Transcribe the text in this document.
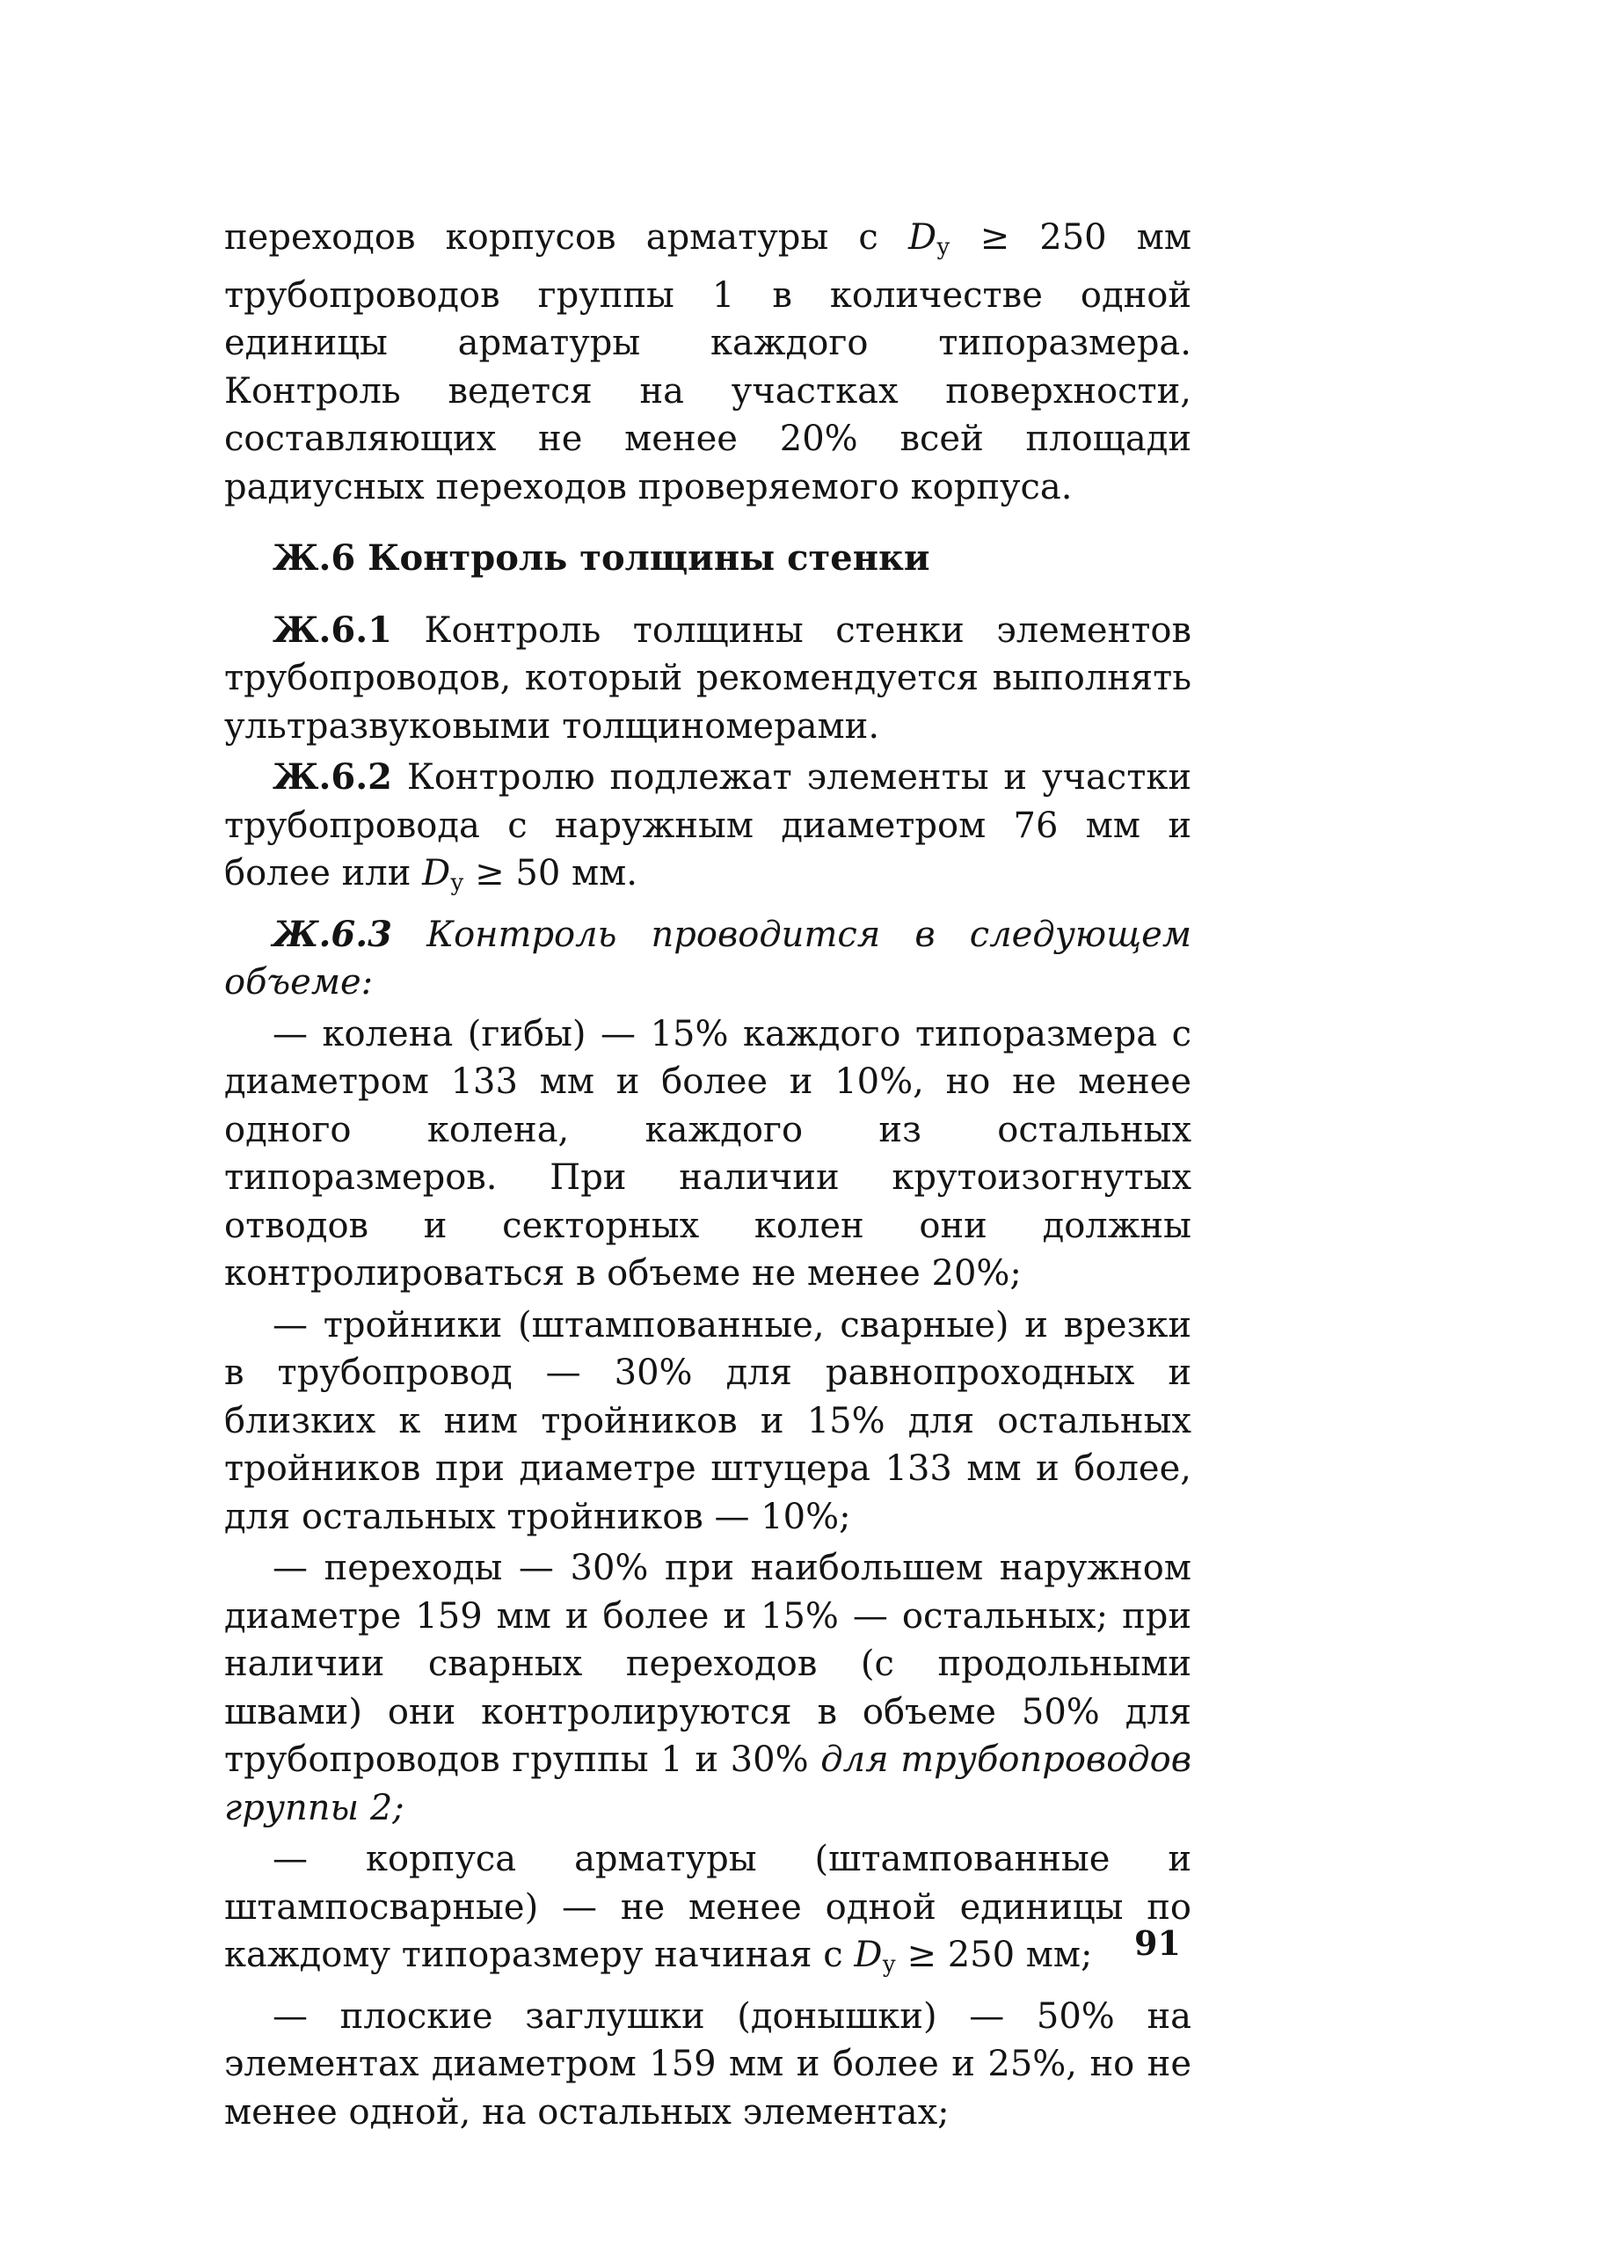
переходов корпусов арматуры с $D_у \ge 250$ мм трубопроводов группы 1 в количестве одной единицы арматуры каждого типоразмера. Контроль ведется на участках поверхности, составляющих не менее 20% всей площади радиусных переходов проверяемого корпуса.

Ж.6 Контроль толщины стенки

Ж.6.1 Контроль толщины стенки элементов трубопроводов, который рекомендуется выполнять ультразвуковыми толщиномерами.

Ж.6.2 Контролю подлежат элементы и участки трубопровода с наружным диаметром 76 мм и более или $D_у \ge 50$ мм.

Ж.6.3 Контроль проводится в следующем объеме:

— колена (гибы) — 15% каждого типоразмера с диаметром 133 мм и более и 10%, но не менее одного колена, каждого из остальных типоразмеров. При наличии крутоизогнутых отводов и секторных колен они должны контролироваться в объеме не менее 20%;

— тройники (штампованные, сварные) и врезки в трубопровод — 30% для равнопроходных и близких к ним тройников и 15% для остальных тройников при диаметре штуцера 133 мм и более, для остальных тройников — 10%;

— переходы — 30% при наибольшем наружном диаметре 159 мм и более и 15% — остальных; при наличии сварных переходов (с продольными швами) они контролируются в объеме 50% для трубопроводов группы 1 и 30% для трубопроводов группы 2;

— корпуса арматуры (штампованные и штампосварные) — не менее одной единицы по каждому типоразмеру начиная с $D_у \ge 250$ мм;

— плоские заглушки (донышки) — 50% на элементах диаметром 159 мм и более и 25%, но не менее одной, на остальных элементах;

91
